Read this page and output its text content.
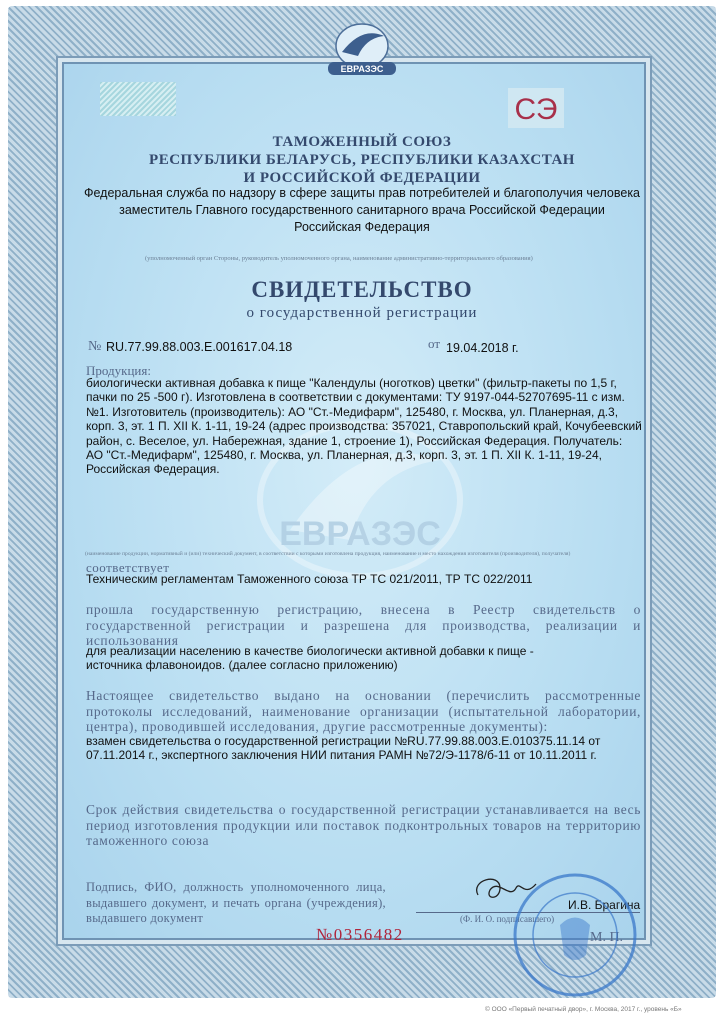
ЕВРАЗЭС
СЭ
ЕВРАЗЭС
ТАМОЖЕННЫЙ СОЮЗ
РЕСПУБЛИКИ БЕЛАРУСЬ, РЕСПУБЛИКИ КАЗАХСТАН
И РОССИЙСКОЙ ФЕДЕРАЦИИ
Федеральная служба по надзору в сфере защиты прав потребителей и благополучия человека
заместитель Главного государственного санитарного врача Российской Федерации
Российская Федерация
(уполномоченный орган Стороны, руководитель уполномоченного органа, наименование административно-территориального образования)
СВИДЕТЕЛЬСТВО
о государственной регистрации
№ RU.77.99.88.003.Е.001617.04.18	от 19.04.2018 г.
Продукция:
биологически активная добавка к пище "Календулы (ноготков) цветки" (фильтр-пакеты по 1,5 г,
пачки по 25 -500 г). Изготовлена в соответствии с документами: ТУ 9197-044-52707695-11 с изм.
№1. Изготовитель (производитель): АО "Ст.-Медифарм", 125480, г. Москва, ул. Планерная, д.3,
корп. 3, эт. 1 П. XII К. 1-11, 19-24 (адрес производства: 357021, Ставропольский край, Кочубеевский
район, с. Веселое, ул. Набережная, здание 1, строение 1), Российская Федерация. Получатель:
АО "Ст.-Медифарм", 125480, г. Москва, ул. Планерная, д.3, корп. 3, эт. 1 П. XII К. 1-11, 19-24,
Российская Федерация.
(наименование продукции, нормативный и (или) технический документ, в соответствии с которыми изготовлена продукция, наименование и место нахождения изготовителя (производителя), получателя)
соответствует
Техническим регламентам Таможенного союза ТР ТС 021/2011, ТР ТС 022/2011
прошла государственную регистрацию, внесена в Реестр свидетельств о государственной регистрации и разрешена для производства, реализации и использования
для реализации населению в качестве биологически активной добавки к пище - источника флавоноидов. (далее согласно приложению)
Настоящее свидетельство выдано на основании (перечислить рассмотренные протоколы исследований, наименование организации (испытательной лаборатории, центра), проводившей исследования, другие рассмотренные документы):
взамен свидетельства о государственной регистрации №RU.77.99.88.003.Е.010375.11.14 от 07.11.2014 г., экспертного заключения НИИ питания РАМН №72/Э-1178/б-11 от 10.11.2011 г.
Срок действия свидетельства о государственной регистрации устанавливается на весь период изготовления продукции или поставок подконтрольных товаров на территорию таможенного союза
Подпись, ФИО, должность уполномоченного лица, выдавшего документ, и печать органа (учреждения), выдавшего документ
И.В. Брагина
(Ф. И. О. подписавшего)
М. П.
№0356482
© ООО «Первый печатный двор», г. Москва, 2017 г., уровень «Б»
